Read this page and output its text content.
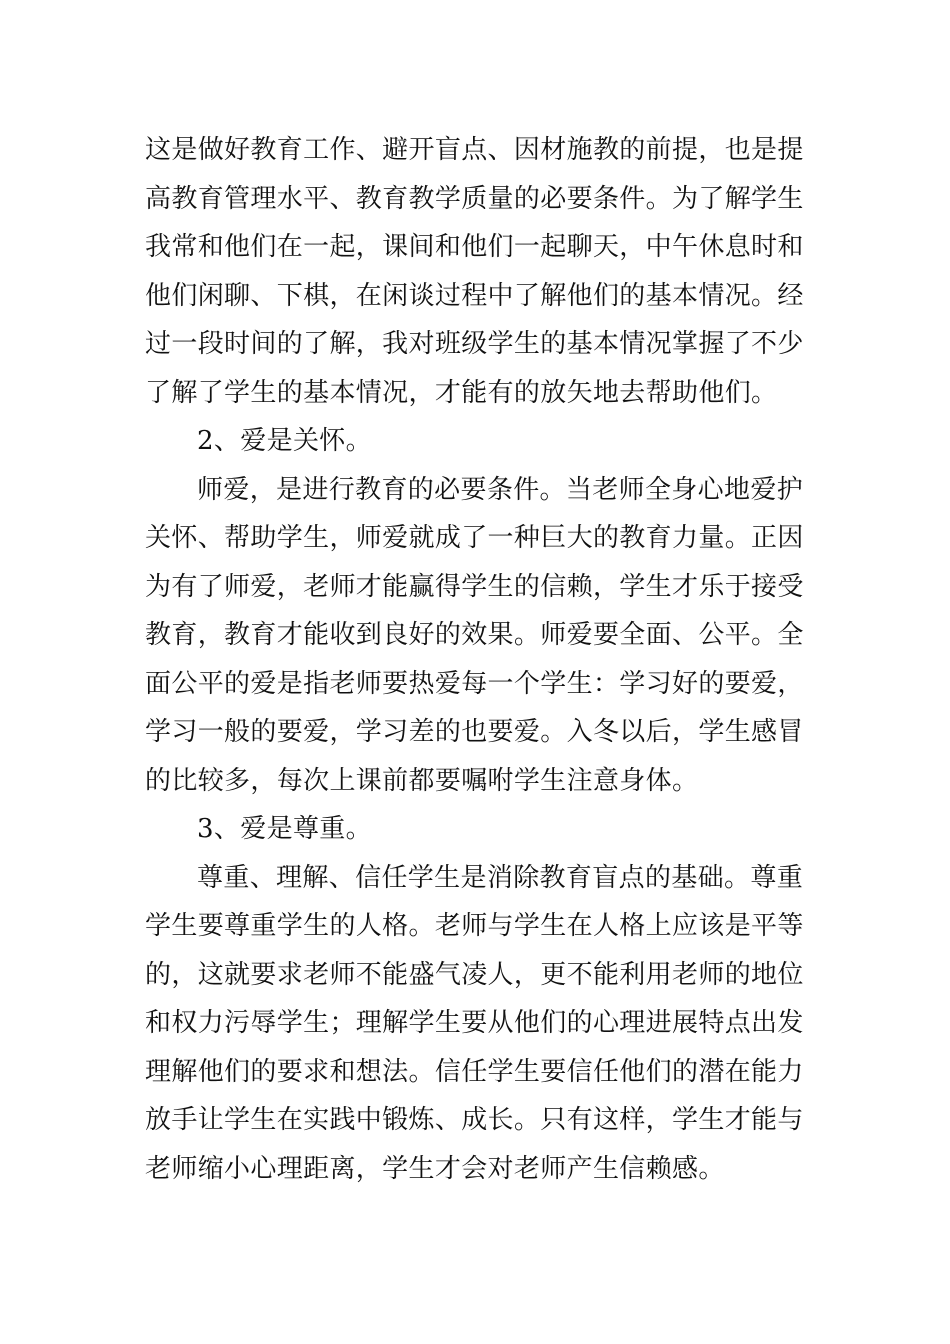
这是做好教育工作、避开盲点、因材施教的前提，也是提
高教育管理水平、教育教学质量的必要条件。为了解学生
我常和他们在一起，课间和他们一起聊天，中午休息时和
他们闲聊、下棋，在闲谈过程中了解他们的基本情况。经
过一段时间的了解，我对班级学生的基本情况掌握了不少
了解了学生的基本情况，才能有的放矢地去帮助他们。
2、爱是关怀。
师爱，是进行教育的必要条件。当老师全身心地爱护
关怀、帮助学生，师爱就成了一种巨大的教育力量。正因
为有了师爱，老师才能赢得学生的信赖，学生才乐于接受
教育，教育才能收到良好的效果。师爱要全面、公平。全
面公平的爱是指老师要热爱每一个学生：学习好的要爱，
学习一般的要爱，学习差的也要爱。入冬以后，学生感冒
的比较多，每次上课前都要嘱咐学生注意身体。
3、爱是尊重。
尊重、理解、信任学生是消除教育盲点的基础。尊重
学生要尊重学生的人格。老师与学生在人格上应该是平等
的，这就要求老师不能盛气凌人，更不能利用老师的地位
和权力污辱学生；理解学生要从他们的心理进展特点出发
理解他们的要求和想法。信任学生要信任他们的潜在能力
放手让学生在实践中锻炼、成长。只有这样，学生才能与
老师缩小心理距离，学生才会对老师产生信赖感。
